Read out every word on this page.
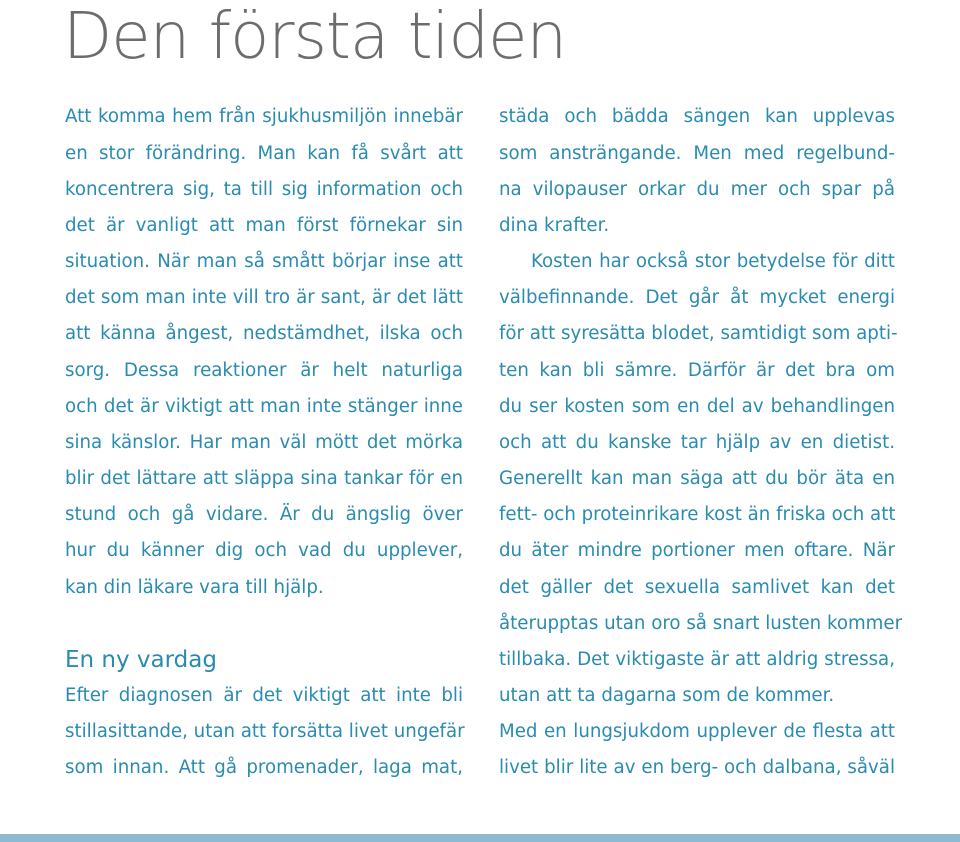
Den första tiden
Att komma hem från sjukhusmiljön innebär
en stor förändring. Man kan få svårt att
koncentrera sig, ta till sig information och
det är vanligt att man först förnekar sin
situation. När man så smått börjar inse att
det som man inte vill tro är sant, är det lätt
att känna ångest, nedstämdhet, ilska och
sorg. Dessa reaktioner är helt naturliga
och det är viktigt att man inte stänger inne
sina känslor. Har man väl mött det mörka
blir det lättare att släppa sina tankar för en
stund och gå vidare. Är du ängslig över
hur du känner dig och vad du upplever,
kan din läkare vara till hjälp.
En ny vardag
Efter diagnosen är det viktigt att inte bli
stillasittande, utan att forsätta livet ungefär
som innan. Att gå promenader, laga mat,
städa och bädda sängen kan upplevas
som ansträngande. Men med regelbund-
na vilopauser orkar du mer och spar på
dina krafter.
Kosten har också stor betydelse för ditt
välbefinnande. Det går åt mycket energi
för att syresätta blodet, samtidigt som apti-
ten kan bli sämre. Därför är det bra om
du ser kosten som en del av behandlingen
och att du kanske tar hjälp av en dietist.
Generellt kan man säga att du bör äta en
fett- och proteinrikare kost än friska och att
du äter mindre portioner men oftare. När
det gäller det sexuella samlivet kan det
återupptas utan oro så snart lusten kommer
tillbaka. Det viktigaste är att aldrig stressa,
utan att ta dagarna som de kommer.
Med en lungsjukdom upplever de flesta att
livet blir lite av en berg- och dalbana, såväl
